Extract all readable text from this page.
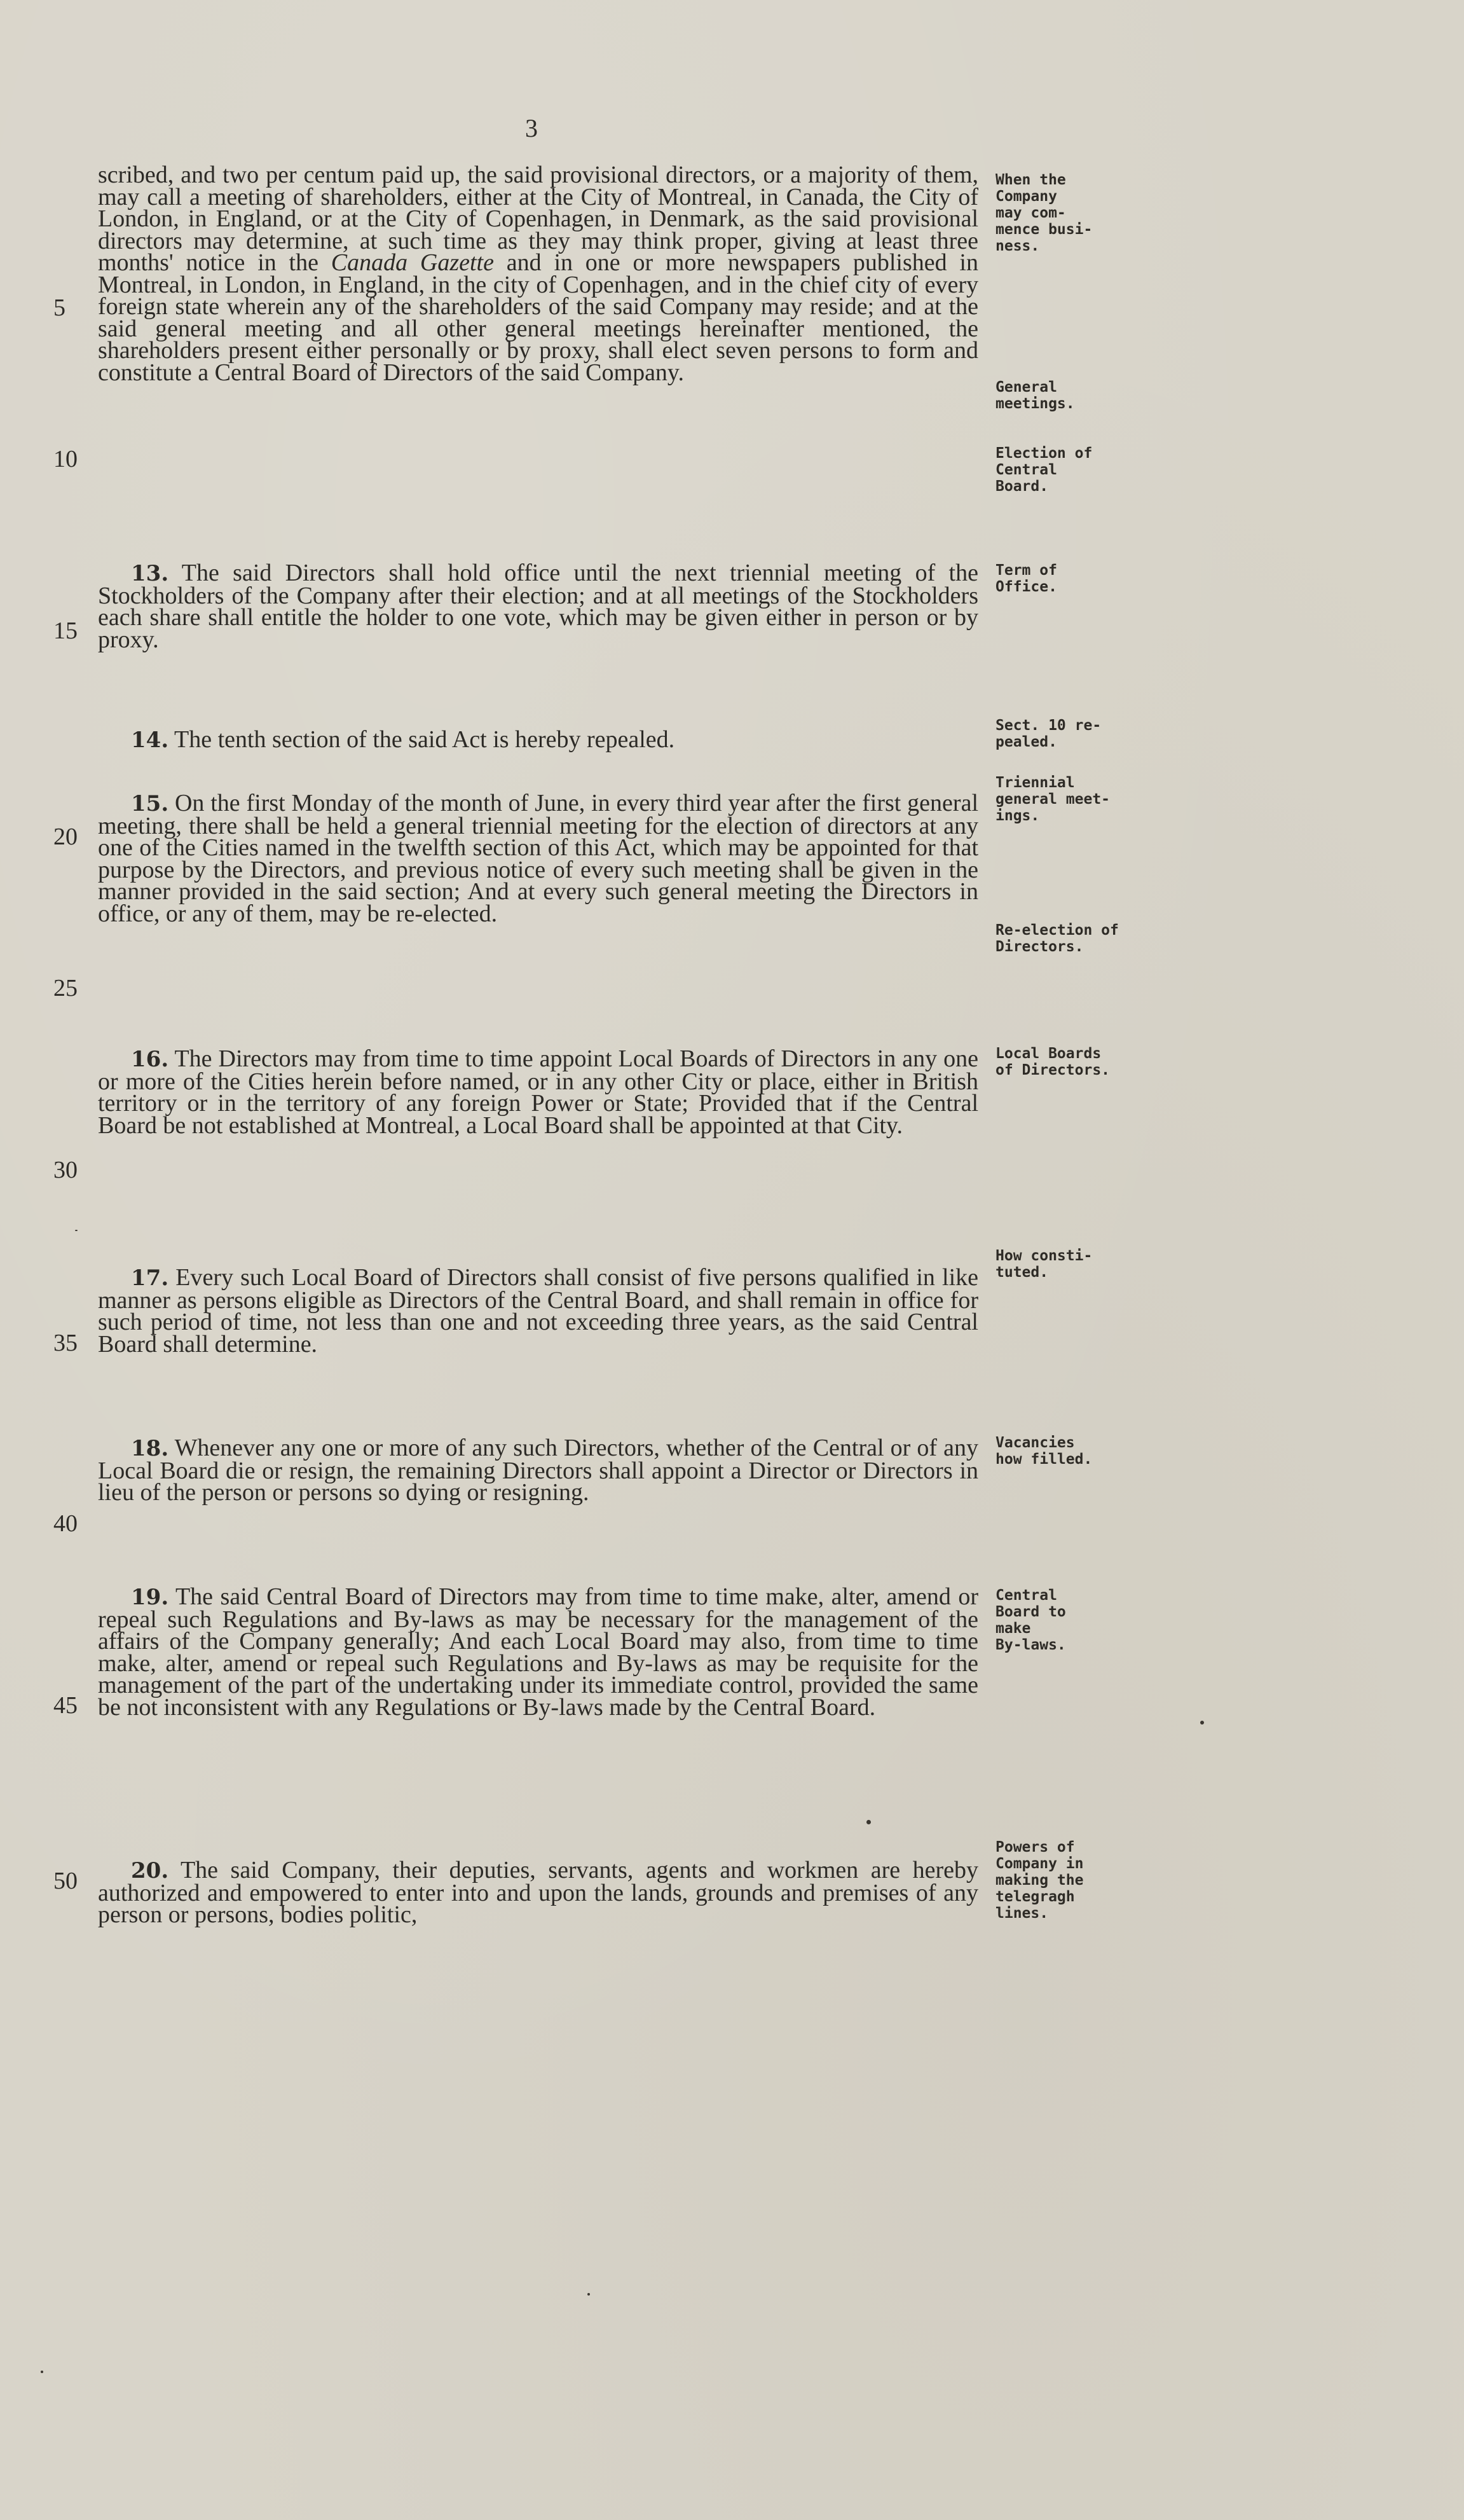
3

scribed, and two per centum paid up, the said provisional directors, or a majority of them, may call a meeting of shareholders, either at the City of Montreal, in Canada, the City of London, in England, or at the City of Copenhagen, in Denmark, as the said provisional directors may determine, at such time as they may think proper, giving at least three months' notice in the Canada Gazette and in one or more newspapers published in Montreal, in London, in England, in the city of Copenhagen, and in the chief city of every foreign state wherein any of the shareholders of the said Company may reside; and at the said general meeting and all other general meetings hereinafter mentioned, the shareholders present either personally or by proxy, shall elect seven persons to form and constitute a Central Board of Directors of the said Company.

13. The said Directors shall hold office until the next triennial meeting of the Stockholders of the Company after their election; and at all meetings of the Stockholders each share shall entitle the holder to one vote, which may be given either in person or by proxy.

14. The tenth section of the said Act is hereby repealed.

15. On the first Monday of the month of June, in every third year after the first general meeting, there shall be held a general triennial meeting for the election of directors at any one of the Cities named in the twelfth section of this Act, which may be appointed for that purpose by the Directors, and previous notice of every such meeting shall be given in the manner provided in the said section; And at every such general meeting the Directors in office, or any of them, may be re-elected.

16. The Directors may from time to time appoint Local Boards of Directors in any one or more of the Cities herein before named, or in any other City or place, either in British territory or in the territory of any foreign Power or State; Provided that if the Central Board be not established at Montreal, a Local Board shall be appointed at that City.

17. Every such Local Board of Directors shall consist of five persons qualified in like manner as persons eligible as Directors of the Central Board, and shall remain in office for such period of time, not less than one and not exceeding three years, as the said Central Board shall determine.

18. Whenever any one or more of any such Directors, whether of the Central or of any Local Board die or resign, the remaining Directors shall appoint a Director or Directors in lieu of the person or persons so dying or resigning.

19. The said Central Board of Directors may from time to time make, alter, amend or repeal such Regulations and By-laws as may be necessary for the management of the affairs of the Company generally; And each Local Board may also, from time to time make, alter, amend or repeal such Regulations and By-laws as may be requisite for the management of the part of the undertaking under its immediate control, provided the same be not inconsistent with any Regulations or By-laws made by the Central Board.

20. The said Company, their deputies, servants, agents and workmen are hereby authorized and empowered to enter into and upon the lands, grounds and premises of any person or persons, bodies politic,

5
10
15
20
25
30
35
40
45
50
When the
Company
may com-
mence busi-
ness.
General
meetings.
Election of
Central
Board.
Term of
Office.
Sect. 10 re-
pealed.
Triennial
general meet-
ings.
Re-election of
Directors.
Local Boards
of Directors.
How consti-
tuted.
Vacancies
how filled.
Central
Board to
make
By-laws.
Powers of
Company in
making the
telegragh
lines.
